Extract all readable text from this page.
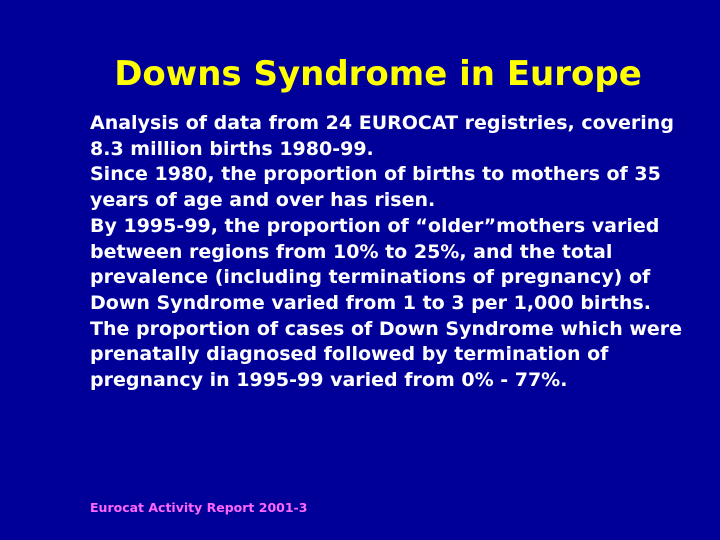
Downs Syndrome in Europe
Analysis of data from 24 EUROCAT registries, covering 8.3 million births 1980-99.
Since 1980, the proportion of births to mothers of 35 years of age and over has risen.
By 1995-99, the proportion of “older”mothers varied between regions from 10% to 25%, and the total prevalence (including terminations of pregnancy) of Down Syndrome varied from 1 to 3 per 1,000 births.
The proportion of cases of Down Syndrome which were prenatally diagnosed followed by termination of pregnancy in 1995-99 varied from 0% - 77%.
Eurocat Activity Report 2001-3
